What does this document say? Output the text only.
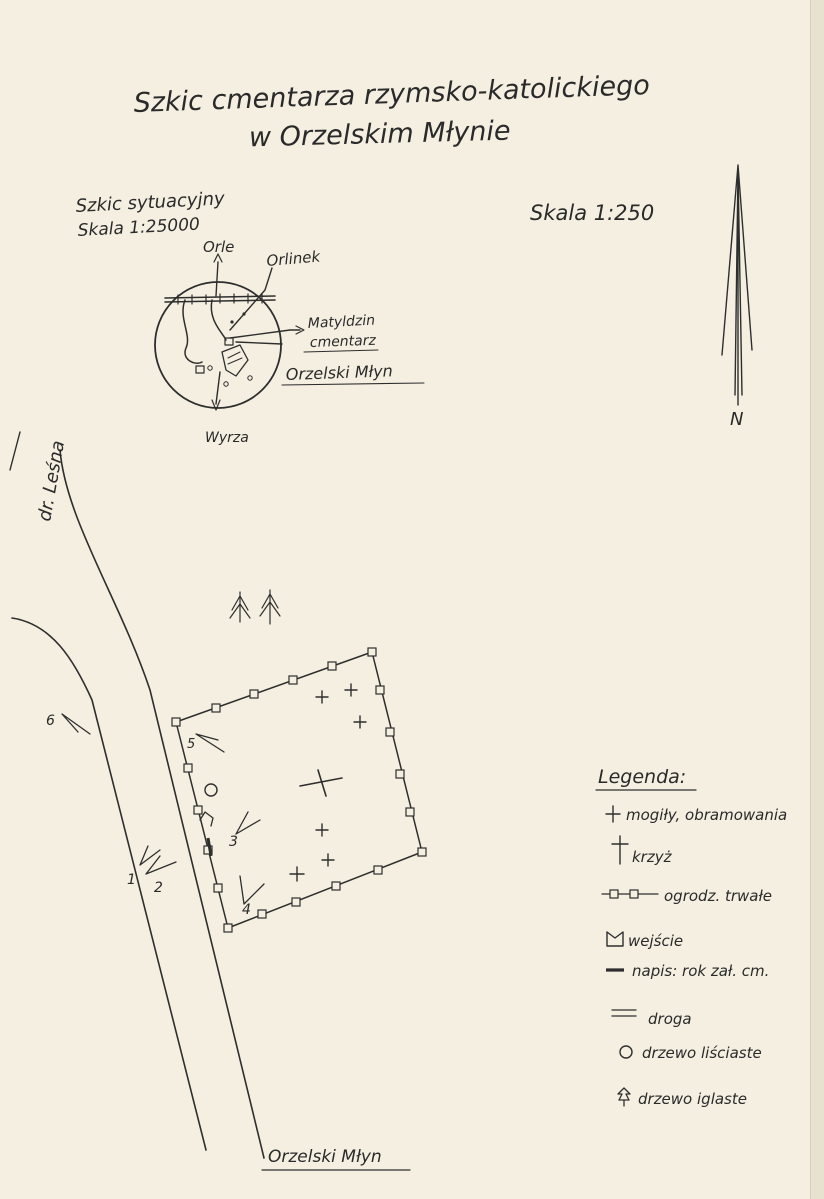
Szkic cmentarza rzymsko-katolickiego
w Orzelskim Młynie
Szkic sytuacyjny
Skala 1:25000
Skala 1:250
N
Orle
Orlinek
Matyldzin
cmentarz
Orzelski Młyn
Wyrza
dr. Leśna
Orzelski Młyn
1 2
3
4
5
6
Legenda:
mogiły, obramowania
krzyż
ogrodz. trwałe
wejście
napis: rok zał. cm.
droga
drzewo liściaste
drzewo iglaste
